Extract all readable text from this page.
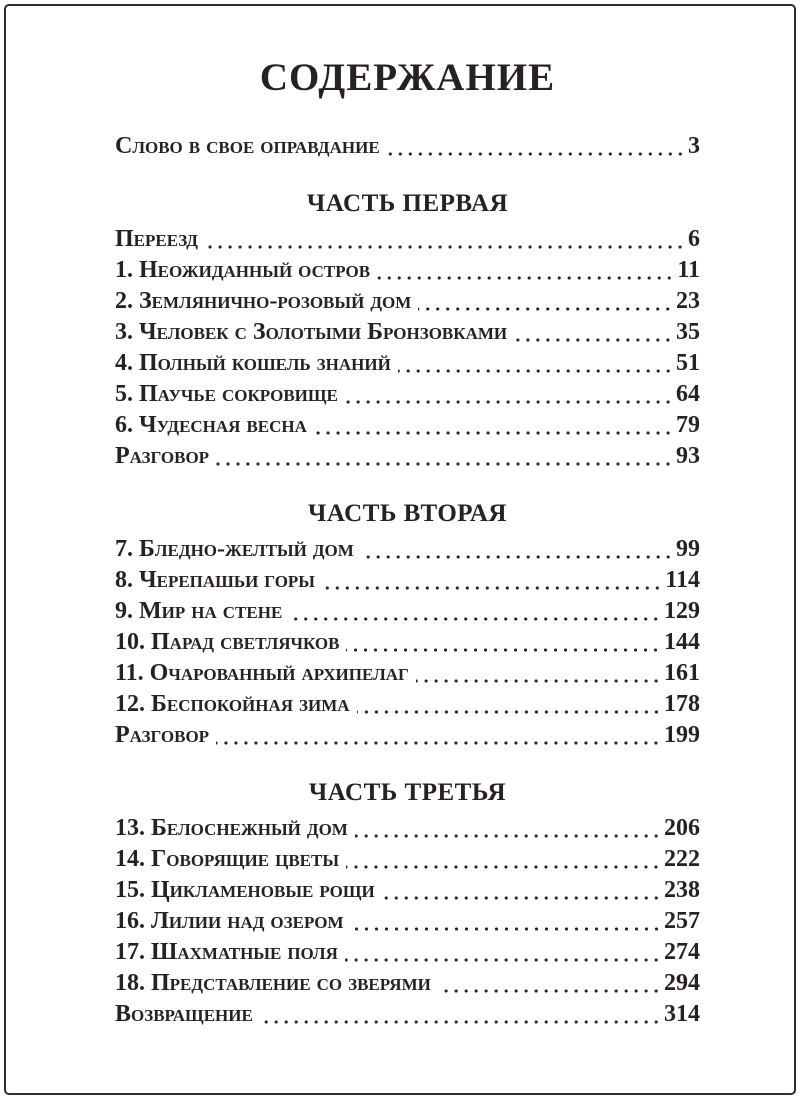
СОДЕРЖАНИЕ
Слово в свое оправдание	3
ЧАСТЬ ПЕРВАЯ
Переезд	6
1. Неожиданный остров	11
2. Землянично-розовый дом	23
3. Человек с Золотыми Бронзовками	35
4. Полный кошель знаний	51
5. Паучье сокровище	64
6. Чудесная весна	79
Разговор	93
ЧАСТЬ ВТОРАЯ
7. Бледно-желтый дом	99
8. Черепашьи горы	114
9. Мир на стене	129
10. Парад светлячков	144
11. Очарованный архипелаг	161
12. Беспокойная зима	178
Разговор	199
ЧАСТЬ ТРЕТЬЯ
13. Белоснежный дом	206
14. Говорящие цветы	222
15. Цикламеновые рощи	238
16. Лилии над озером	257
17. Шахматные поля	274
18. Представление со зверями	294
Возвращение	314
